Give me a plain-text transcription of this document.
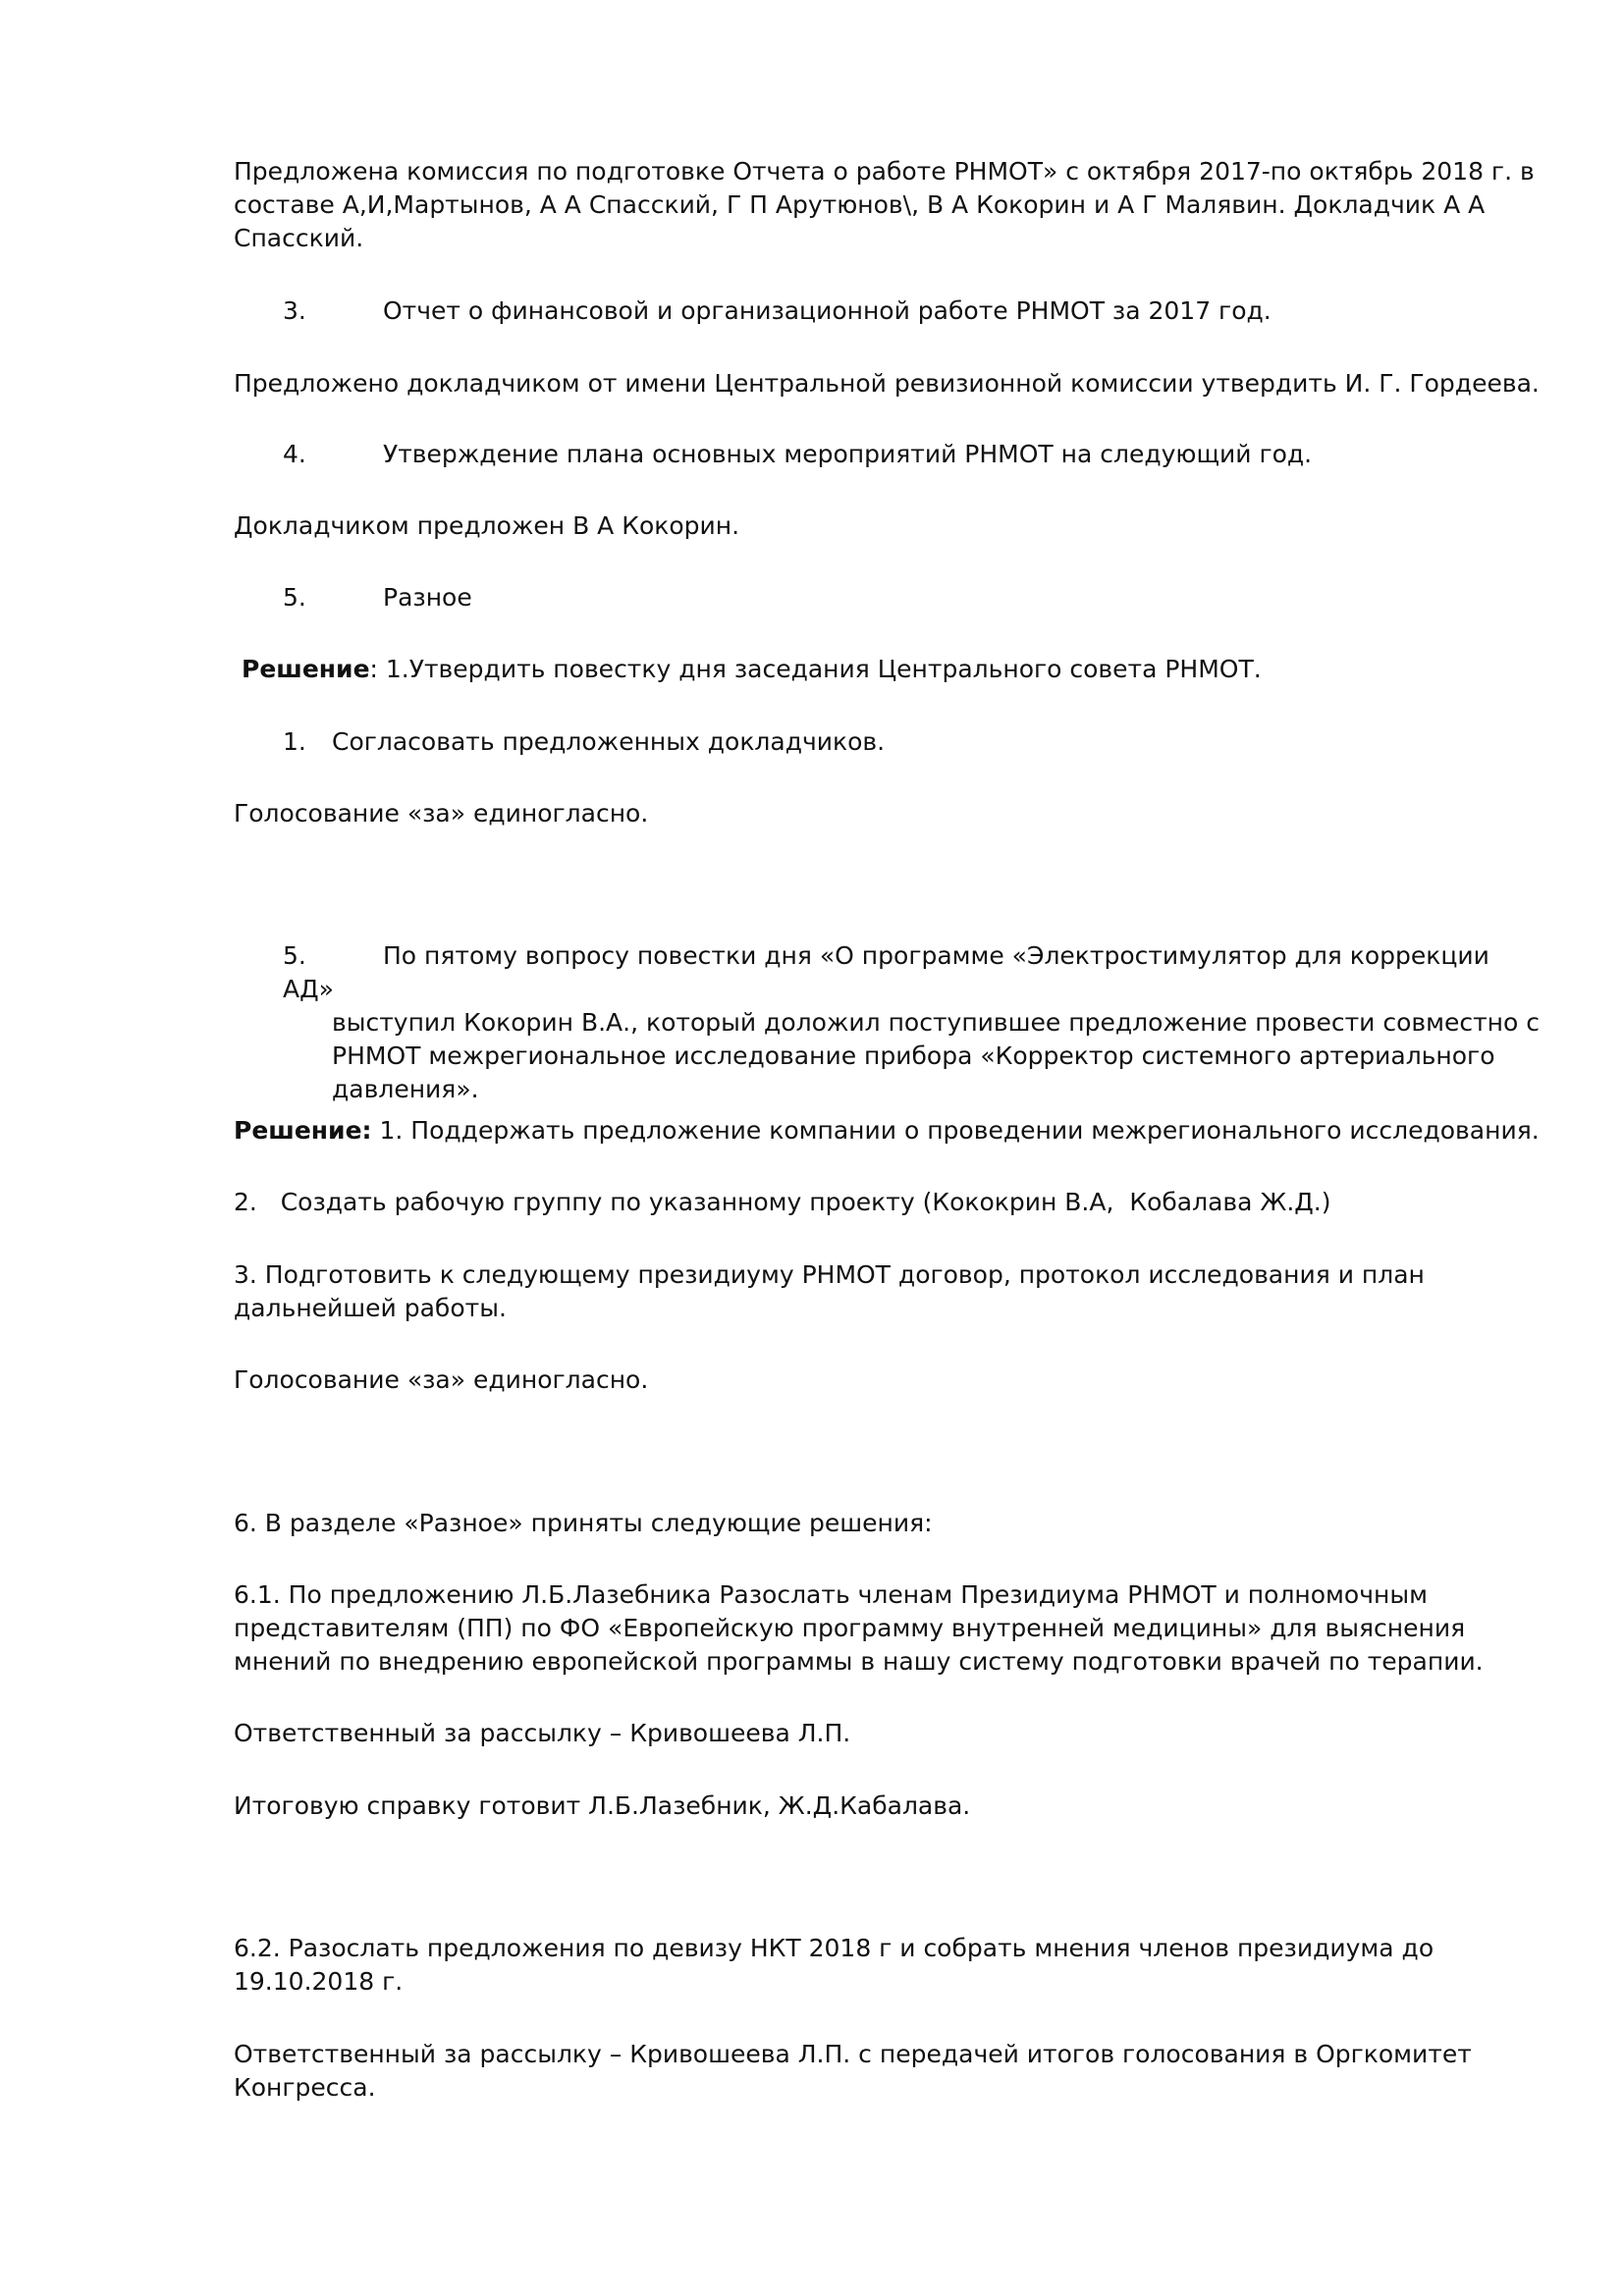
Предложена комиссия по подготовке Отчета о работе РНМОТ» с октября 2017-по октябрь 2018 г. в
составе А,И,Мартынов, А А Спасский, Г П Арутюнов\, В А Кокорин и А Г Малявин. Докладчик А А
Спасский.
3.	Отчет о финансовой и организационной работе РНМОТ за 2017 год.
Предложено докладчиком от имени Центральной ревизионной комиссии утвердить И. Г. Гордеева.
4.	Утверждение плана основных мероприятий РНМОТ на следующий год.
Докладчиком предложен В А Кокорин.
5.	Разное
Решение: 1.Утвердить повестку дня заседания Центрального совета РНМОТ.
1. Согласовать предложенных докладчиков.
Голосование «за» единогласно.
5.	По пятому вопросу повестки дня «О программе «Электростимулятор для коррекции АД»
выступил Кокорин В.А., который доложил поступившее предложение провести совместно с
РНМОТ межрегиональное исследование прибора «Корректор системного артериального
давления».
Решение: 1. Поддержать предложение компании о проведении межрегионального исследования.
2.   Создать рабочую группу по указанному проекту (Кококрин В.А,  Кобалава Ж.Д.)
3. Подготовить к следующему президиуму РНМОТ договор, протокол исследования и план
дальнейшей работы.
Голосование «за» единогласно.
6. В разделе «Разное» приняты следующие решения:
6.1. По предложению Л.Б.Лазебника Разослать членам Президиума РНМОТ и полномочным
представителям (ПП) по ФО «Европейскую программу внутренней медицины» для выяснения
мнений по внедрению европейской программы в нашу систему подготовки врачей по терапии.
Ответственный за рассылку – Кривошеева Л.П.
Итоговую справку готовит Л.Б.Лазебник, Ж.Д.Кабалава.
6.2. Разослать предложения по девизу НКТ 2018 г и собрать мнения членов президиума до
19.10.2018 г.
Ответственный за рассылку – Кривошеева Л.П. с передачей итогов голосования в Оргкомитет
Конгресса.
